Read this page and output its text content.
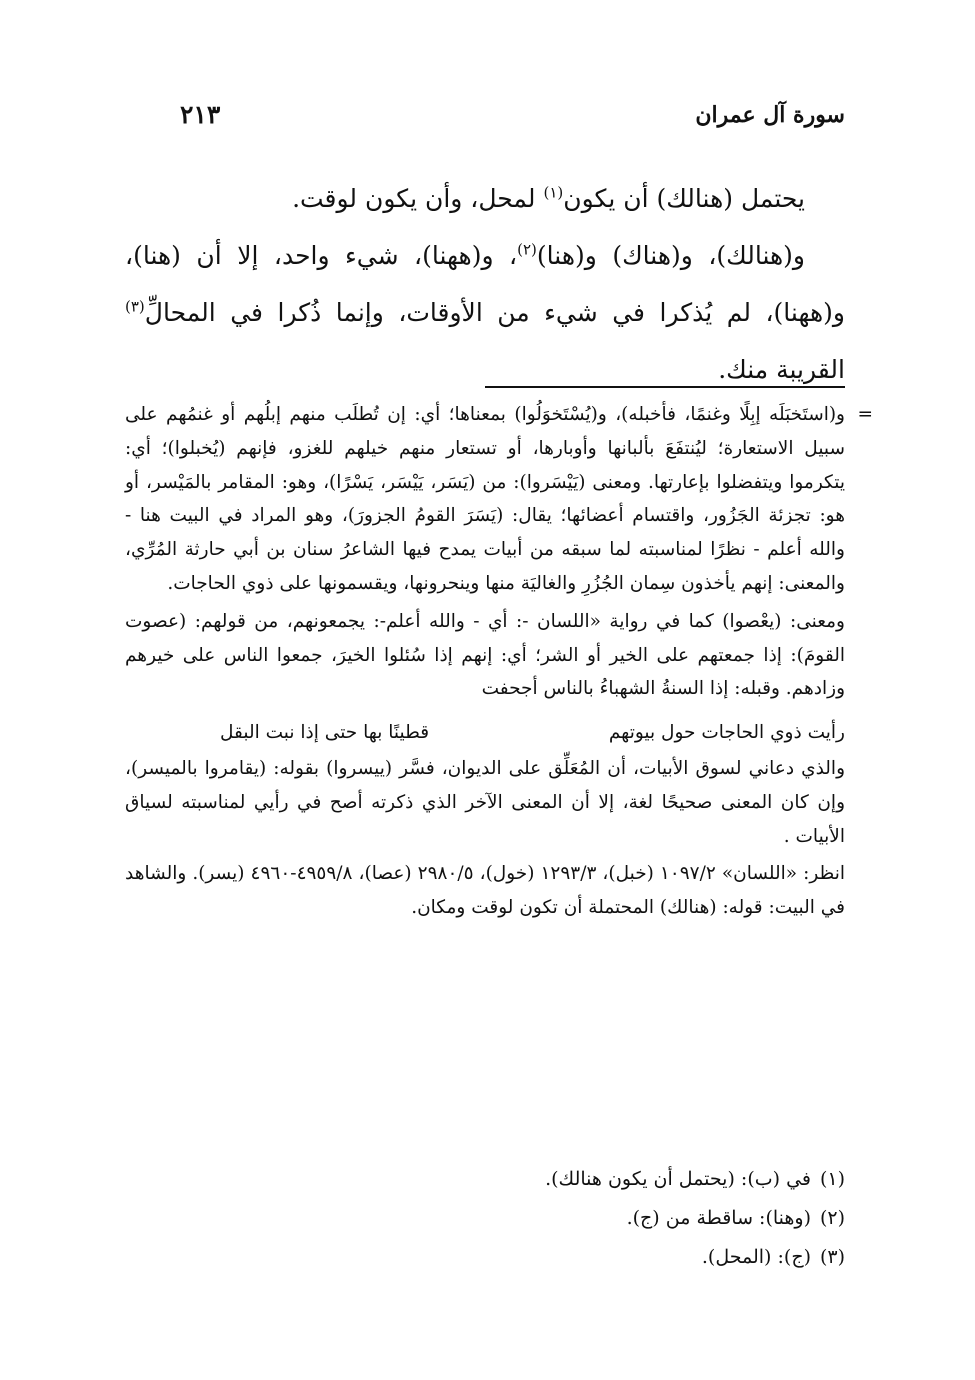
سورة آل عمران
٢١٣

يحتمل (هنالك) أن يكون$^{(١)}$ لمحل، وأن يكون لوقت.

و(هنالك)، و(هناك) و(هنا)$^{(٢)}$، و(ههنا)، شيء واحد، إلا أن (هنا)، و(ههنا)، لم يُذكرا في شيء من الأوقات، وإنما ذُكرا في المحالِّ$^{(٣)}$ القريبة منك.

=
و(استَخبَلَه إبِلًا وغنمًا، فأخبله)، و(يُسْتَخوَلُوا) بمعناها؛ أي: إن تُطلَب منهم إبلُهم أو غنمُهم على سبيل الاستعارة؛ ليُنتفَعَ بألبانها وأوبارها، أو تستعار منهم خيلهم للغزو، فإنهم (يُخبلوا)؛ أي: يتكرموا ويتفضلوا بإعارتها. ومعنى (يَيْسَروا): من (يَسَر، يَيْسَر، يَسْرًا)، وهو: المقامر بالمَيْسر، أو هو: تجزئة الجَزُور، واقتسام أعضائها؛ يقال: (يَسَرَ القومُ الجزورَ)، وهو المراد في البيت هنا - والله أعلم - نظرًا لمناسبته لما سبقه من أبيات يمدح فيها الشاعرُ سنان بن أبي حارثة المُرِّي، والمعنى: إنهم يأخذون سِمان الجُزُرِ والغاليَة منها وينحرونها، ويقسمونها على ذوي الحاجات.

ومعنى: (يعْصوا) كما في رواية «اللسان -: أي - والله أعلم-: يجمعونهم، من قولهم: (عصوت القومَ): إذا جمعتهم على الخير أو الشر؛ أي: إنهم إذا سُئلوا الخيرَ، جمعوا الناس على خيرهم وزادهم. وقبله: إذا السنةُ الشهباءُ بالناس أجحفت

رأيت ذوي الحاجات حول بيوتهم
قطينًا بها حتى إذا نبت البقل

والذي دعاني لسوق الأبيات، أن المُعَلِّق على الديوان، فسَّر (ييسروا) بقوله: (يقامروا بالميسر)، وإن كان المعنى صحيحًا لغة، إلا أن المعنى الآخر الذي ذكرته أصح في رأيي لمناسبته لسياق الأبيات .

انظر: «اللسان» ١٠٩٧/٢ (خبل)، ١٢٩٣/٣ (خول)، ٢٩٨٠/٥ (عصا)، ٤٩٥٩/٨-٤٩٦٠ (يسر). والشاهد في البيت: قوله: (هنالك) المحتملة أن تكون لوقت ومكان.

(١)في (ب): (يحتمل أن يكون هنالك).
(٢)(وهنا): ساقطة من (ج).
(٣)(ج): (المحل).
